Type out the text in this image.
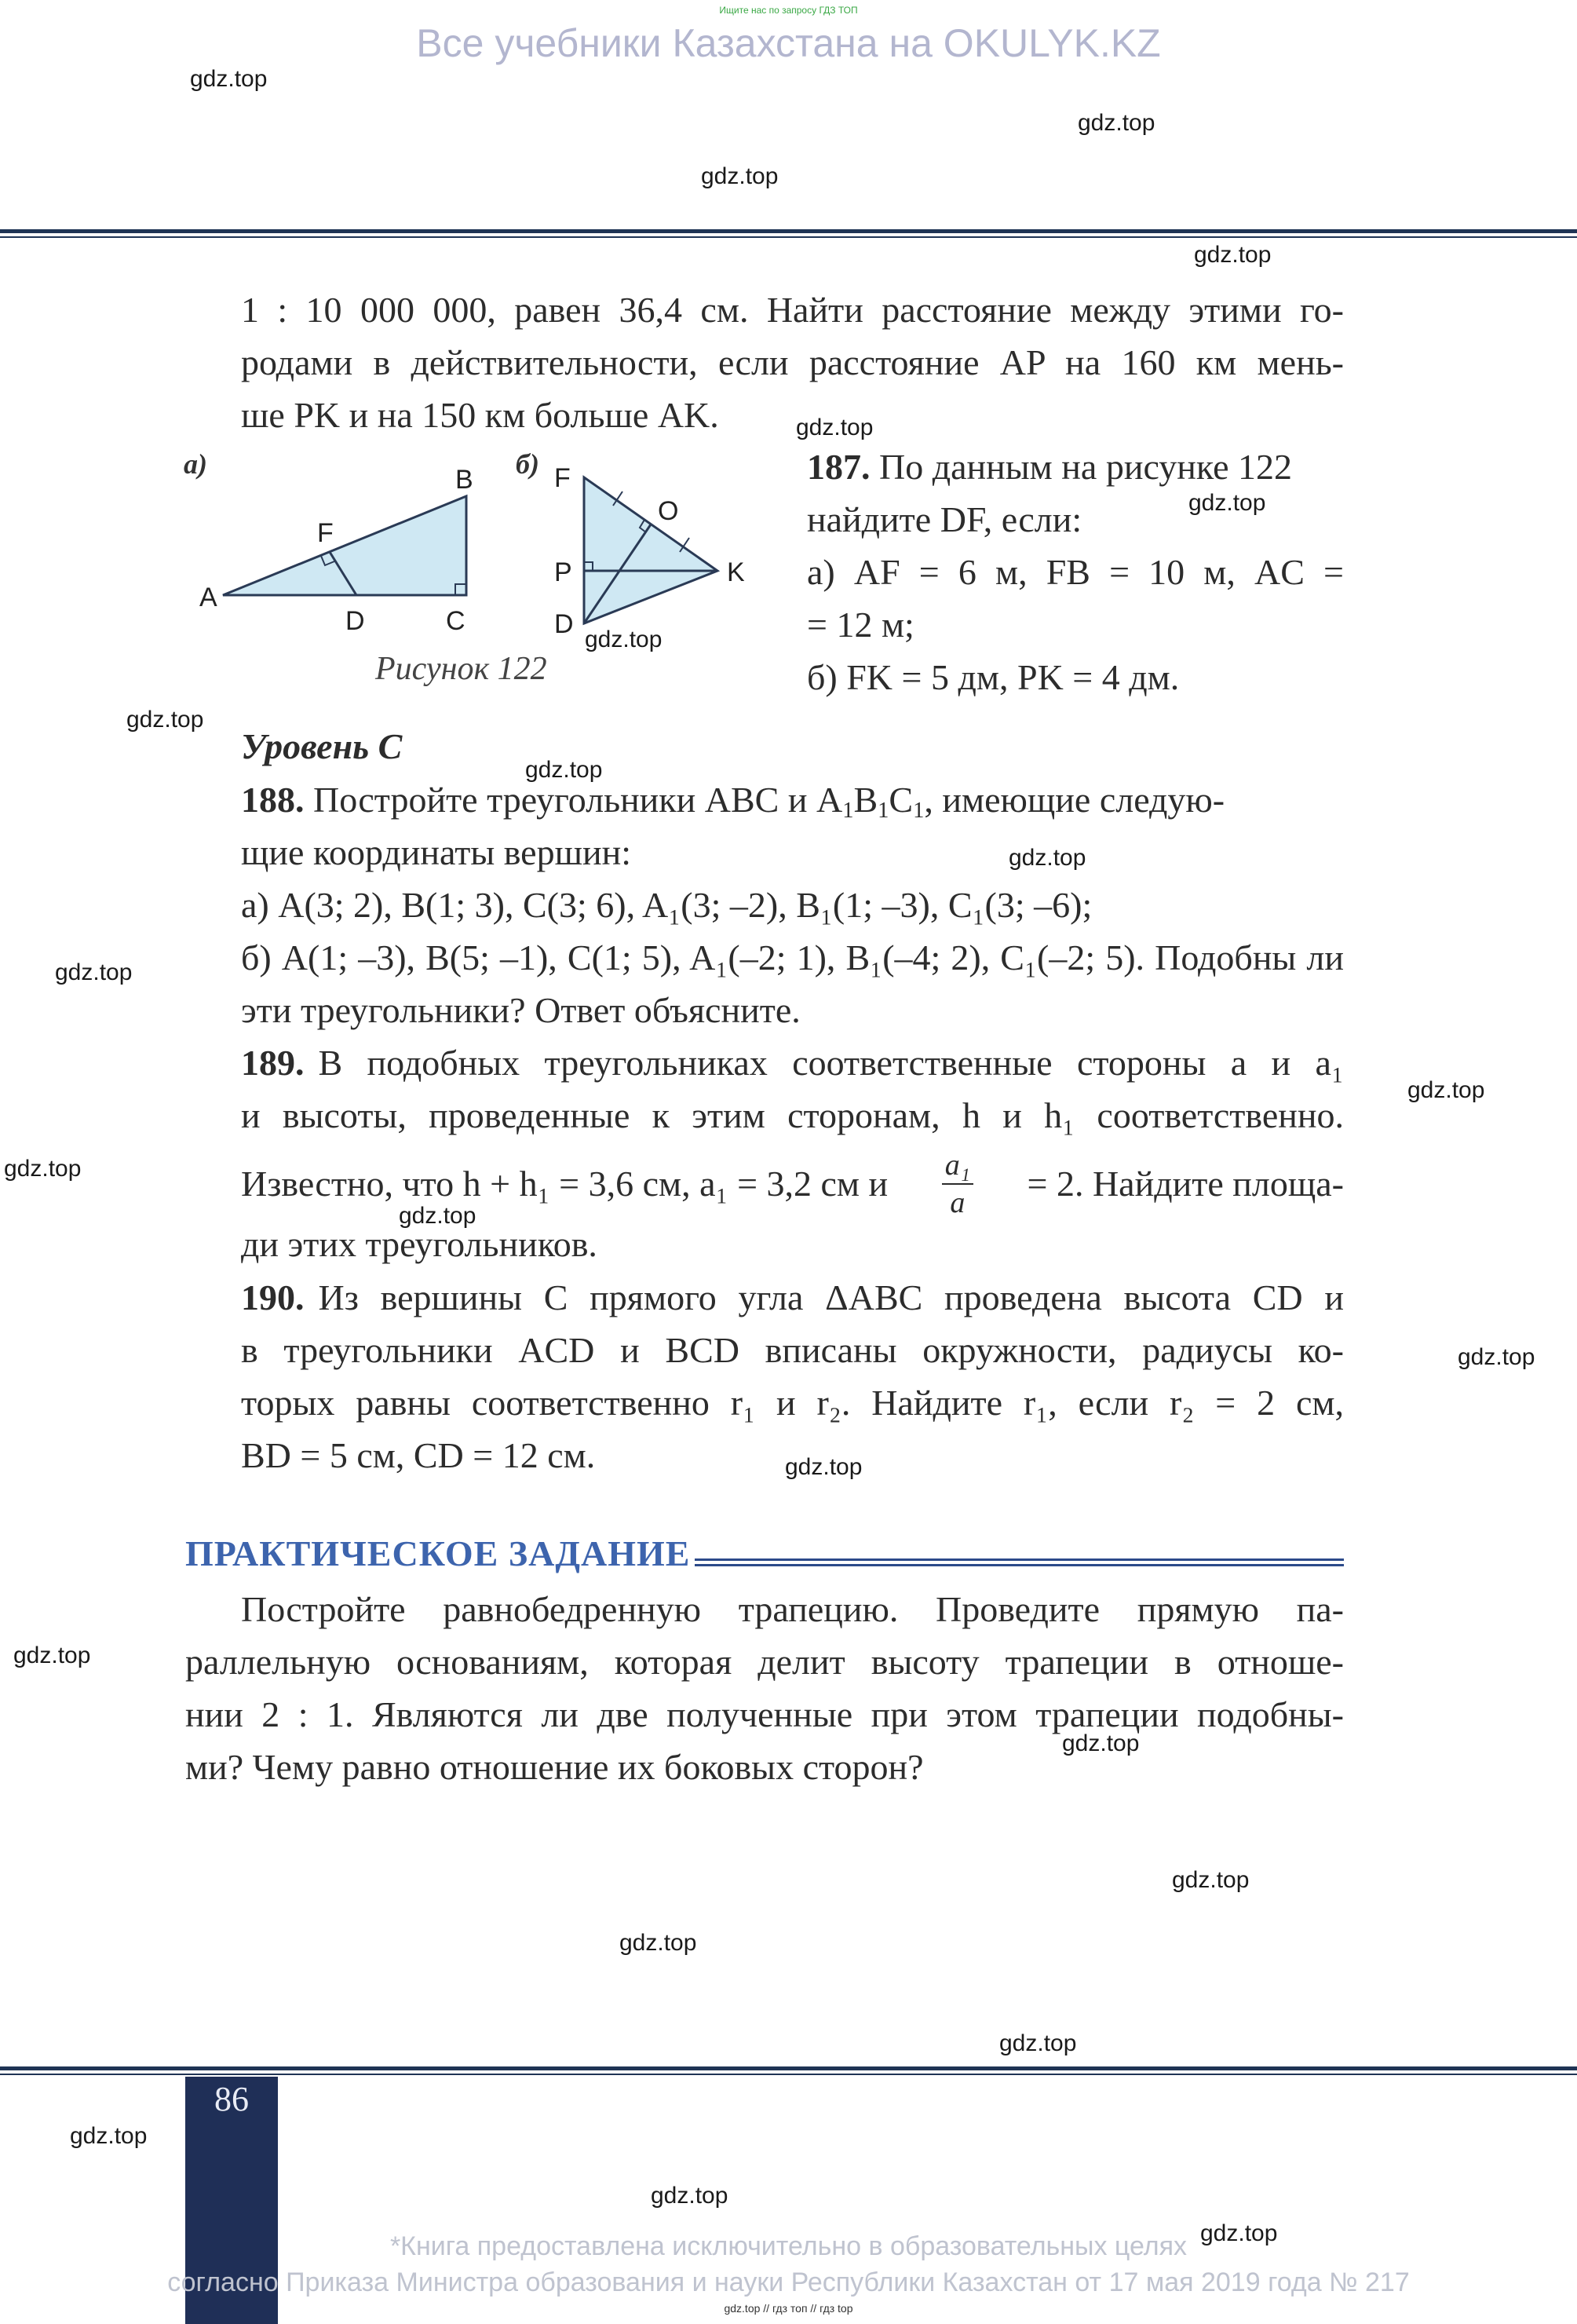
Ищите нас по запросу ГДЗ ТОП
Все учебники Казахстана на OKULYK.KZ
1 : 10 000 000, равен 36,4 см. Найти расстояние между этими го-
родами в действительности, если расстояние AP на 160 км мень-
ше PK и на 150 км больше AK.
а)	б)
A
B
C
D
F
F
O
P	K
D
Рисунок 122
187. По данным на рисунке 122
найдите DF, если:
а) AF = 6 м, FB = 10 м, AC =
= 12 м;
б) FK = 5 дм, PK = 4 дм.
Уровень С
188. Постройте треугольники ABC и $A_1B_1C_1$, имеющие следую-
щие координаты вершин:
а) A(3; 2), B(1; 3), C(3; 6), A₁(3; –2), B₁(1; –3), C₁(3; –6);
б) A(1; –3), B(5; –1), C(1; 5), A₁(–2; 1), B₁(–4; 2), C₁(–2; 5). Подобны ли
эти треугольники? Ответ объясните.
189. В подобных треугольниках соответственные стороны a и a₁
и высоты, проведенные к этим сторонам, h и h₁ соответственно.
Известно, что h + h₁ = 3,6 см, a₁ = 3,2 см и $\frac{\text{a₁}}{a} = 2$. Найдите площа-
ди этих треугольников.
190. Из вершины C прямого угла ΔABC проведена высота CD и
в треугольники ACD и BCD вписаны окружности, радиусы ко-
торых равны соответственно r₁ и r₂. Найдите r₁, если r₂ = 2 см,
BD = 5 см, CD = 12 см.
ПРАКТИЧЕСКОЕ ЗАДАНИЕ
Постройте равнобедренную трапецию. Проведите прямую па-
раллельную основаниям, которая делит высоту трапеции в отноше-
нии 2 : 1. Являются ли две полученные при этом трапеции подобны-
ми? Чему равно отношение их боковых сторон?
gdz.top
gdz.top
gdz.top
gdz.top
gdz.top
gdz.top
gdz.top
gdz.top
gdz.top
gdz.top
gdz.top
gdz.top
gdz.top
gdz.top
gdz.top
gdz.top
gdz.top
gdz.top
gdz.top
gdz.top
gdz.top
gdz.top
gdz.top
gdz.top
86
*Книга предоставлена исключительно в образовательных целях
согласно Приказа Министра образования и науки Республики Казахстан от 17 мая 2019 года № 217
gdz.top // гдз топ // гдз top
